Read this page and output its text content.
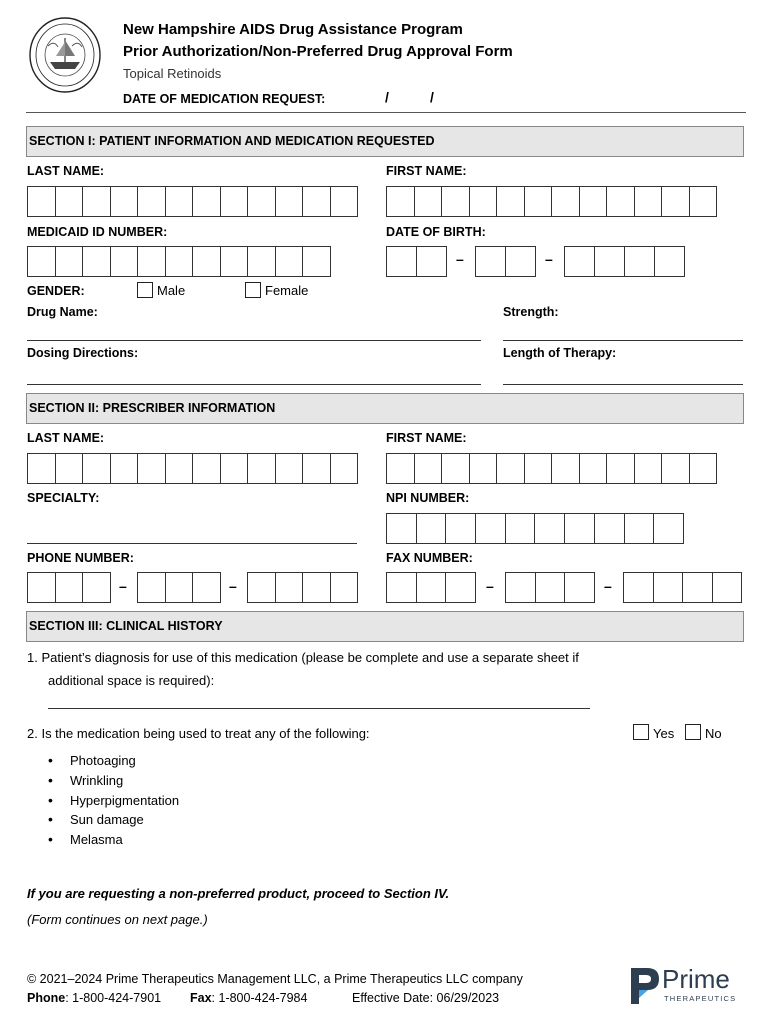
New Hampshire AIDS Drug Assistance Program
Prior Authorization/Non-Preferred Drug Approval Form
Topical Retinoids
DATE OF MEDICATION REQUEST:	/	/
SECTION I: PATIENT INFORMATION AND MEDICATION REQUESTED
LAST NAME:	FIRST NAME:
MEDICAID ID NUMBER:	DATE OF BIRTH:
–	–
GENDER:	Male	Female
Drug Name:	Strength:
Dosing Directions:	Length of Therapy:
SECTION II: PRESCRIBER INFORMATION
LAST NAME:	FIRST NAME:
SPECIALTY:	NPI NUMBER:
PHONE NUMBER:	FAX NUMBER:
–	–	–	–
SECTION III: CLINICAL HISTORY
1. Patient’s diagnosis for use of this medication (please be complete and use a separate sheet if
additional space is required):
2. Is the medication being used to treat any of the following:	Yes No
• Photoaging
• Wrinkling
• Hyperpigmentation
• Sun damage
• Melasma
If you are requesting a non-preferred product, proceed to Section IV.
(Form continues on next page.)
© 2021–2024 Prime Therapeutics Management LLC, a Prime Therapeutics LLC company
Phone: 1-800-424-7901 Fax: 1-800-424-7984	Effective Date: 06/29/2023
Prime
THERAPEUTICS
